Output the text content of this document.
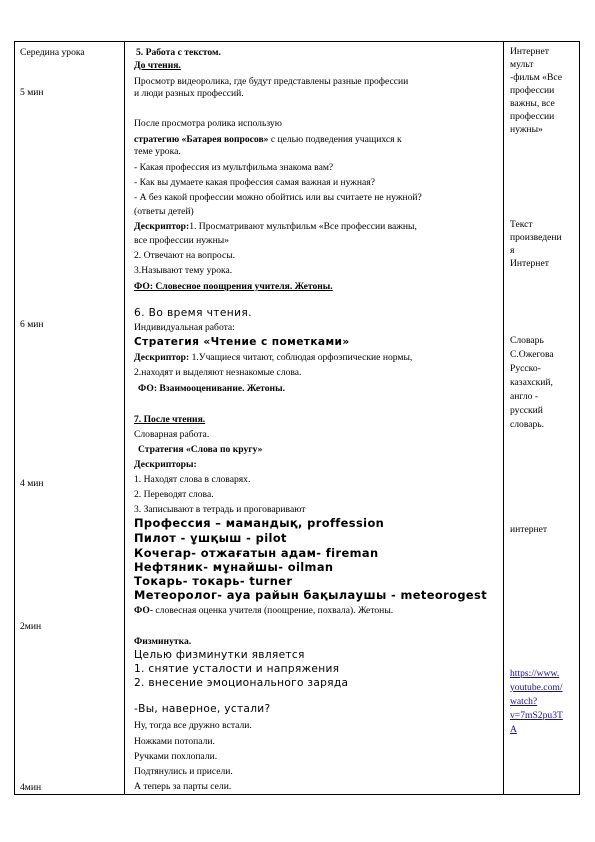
Середина урока
5 мин
6 мин
4 мин
2мин
4мин
5. Работа с текстом.
До чтения.
Просмотр видеоролика, где будут представлены разные профессии
и люди разных профессий.
После просмотра ролика использую
стратегию «Батарея вопросов» с целью подведения учащихся к
теме урока.
- Какая профессия из мультфильма знакома вам?
- Как вы думаете какая профессия самая важная и нужная?
- А без какой профессии можно обойтись или вы считаете не нужной?
(ответы детей)
Дескриптор:1. Просматривают мультфильм «Все профессии важны,
все профессии нужны»
2. Отвечают на вопросы.
3.Называют тему урока.
ФО: Словесное поощрения учителя. Жетоны.
6. Во время чтения.
Индивидуальная работа:
Стратегия «Чтение с пометками»
Дескриптор: 1.Учащиеся читают, соблюдая орфоэпические нормы,
2.находят и выделяют незнакомые слова.
ФО: Взаимооценивание. Жетоны.
7. После чтения.
Словарная работа.
Стратегия «Слова по кругу»
Дескрипторы:
1. Находят слова в словарях.
2. Переводят слова.
3. Записывают в тетрадь и проговаривают
Профессия – мамандық, proffession
Пилот - ұшқыш - pilot
Кочегар- отжағатын адам- fireman
Нефтяник- мұнайшы- oilman
Токарь- токарь- turner
Метеоролог- ауа райын бақылаушы - meteorogest
ФО- словесная оценка учителя (поощрение, похвала). Жетоны.
Физминутка.
Целью физминутки является
1. снятие усталости и напряжения
2. внесение эмоционального заряда
-Вы, наверное, устали?
Ну, тогда все дружно встали.
Ножками потопали.
Ручками похлопали.
Подтянулись и присели.
А теперь за парты сели.
Интернет
мульт
-фильм «Все
профессии
важны, все
профессии
нужны»
Текст
произведени
я
Интернет
Словарь
С.Ожегова
Русско-
казахский,
англо -
русский
словарь.
интернет
https://www.
youtube.com/
watch?
v=7mS2pu3T
A
